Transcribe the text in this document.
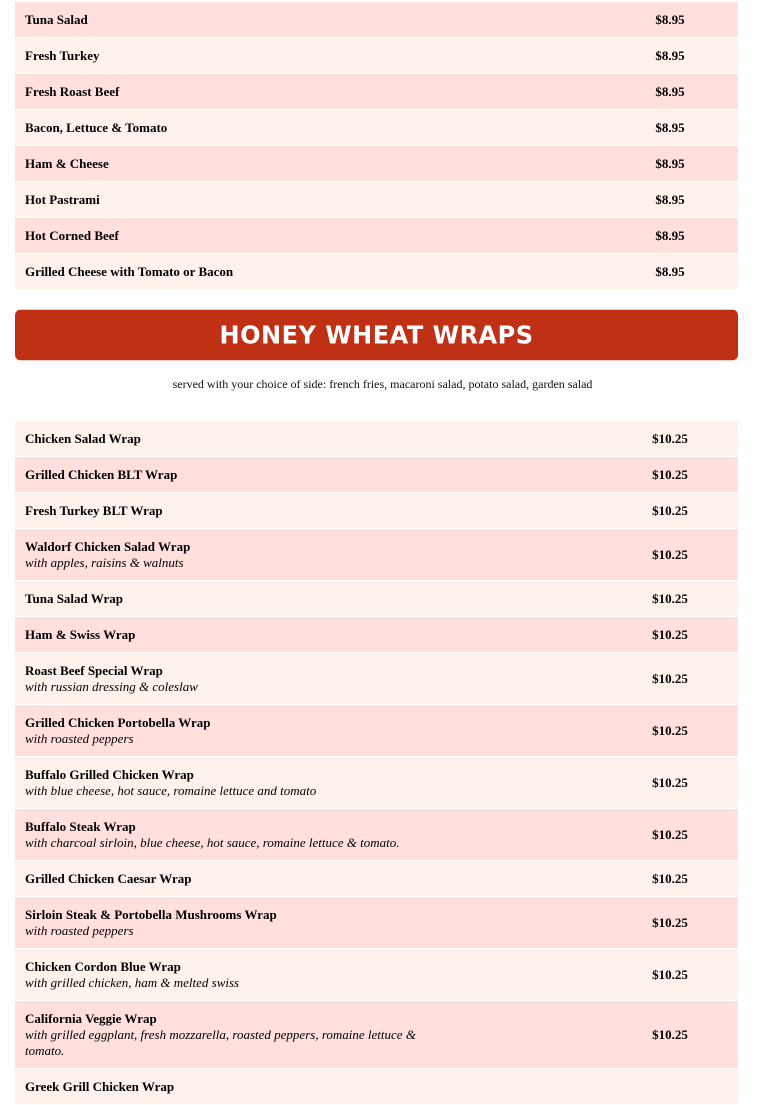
Tuna Salad	$8.95
Fresh Turkey	$8.95
Fresh Roast Beef	$8.95
Bacon, Lettuce & Tomato	$8.95
Ham & Cheese	$8.95
Hot Pastrami	$8.95
Hot Corned Beef	$8.95
Grilled Cheese with Tomato or Bacon	$8.95
HONEY WHEAT WRAPS
served with your choice of side: french fries, macaroni salad, potato salad, garden salad
Chicken Salad Wrap	$10.25
Grilled Chicken BLT Wrap	$10.25
Fresh Turkey BLT Wrap	$10.25
Waldorf Chicken Salad Wrap
with apples, raisins & walnuts
$10.25
Tuna Salad Wrap	$10.25
Ham & Swiss Wrap	$10.25
Roast Beef Special Wrap
with russian dressing & coleslaw
$10.25
Grilled Chicken Portobella Wrap
with roasted peppers
$10.25
Buffalo Grilled Chicken Wrap
with blue cheese, hot sauce, romaine lettuce and tomato
$10.25
Buffalo Steak Wrap
with charcoal sirloin, blue cheese, hot sauce, romaine lettuce & tomato.
$10.25
Grilled Chicken Caesar Wrap	$10.25
Sirloin Steak & Portobella Mushrooms Wrap
with roasted peppers
$10.25
Chicken Cordon Blue Wrap
with grilled chicken, ham & melted swiss
$10.25
California Veggie Wrap
with grilled eggplant, fresh mozzarella, roasted peppers, romaine lettuce & tomato.
$10.25
Greek Grill Chicken Wrap
